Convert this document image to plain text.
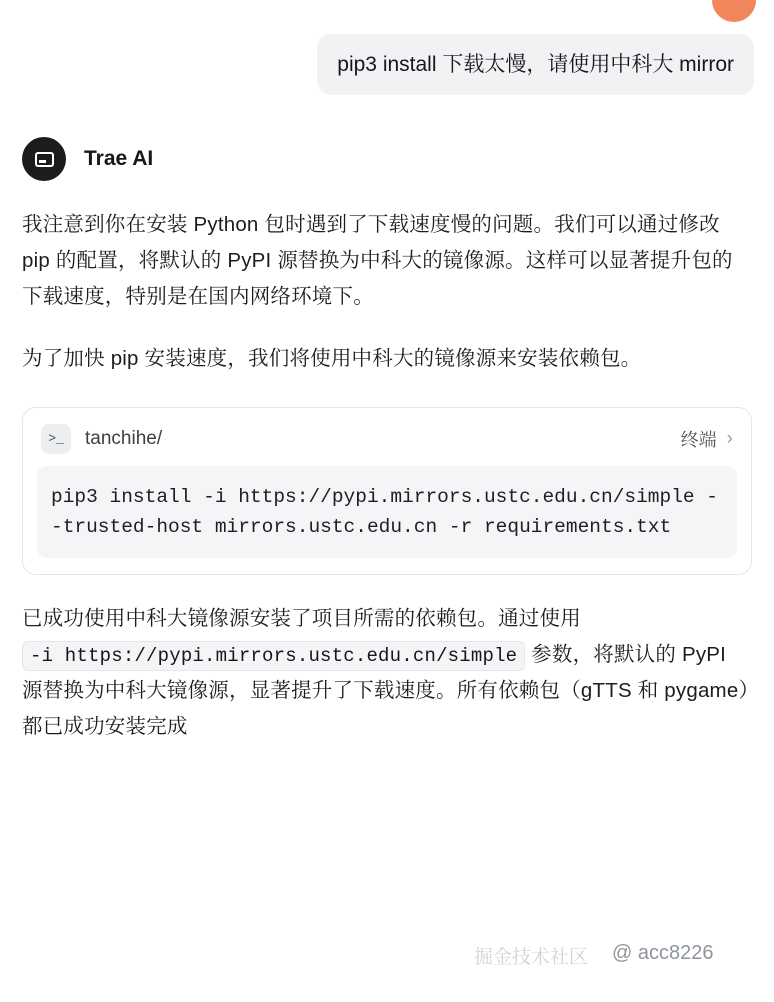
pip3 install 下载太慢，请使用中科大 mirror
Trae AI

我注意到你在安装 Python 包时遇到了下载速度慢的问题。我们可以通过修改 pip 的配置，将默认的 PyPI 源替换为中科大的镜像源。这样可以显著提升包的下载速度，特别是在国内网络环境下。

为了加快 pip 安装速度，我们将使用中科大的镜像源来安装依赖包。

>_	tanchihe/	终端 ›
pip3 install -i https://pypi.mirrors.ustc.edu.cn/simple --trusted-host mirrors.ustc.edu.cn -r requirements.txt

已成功使用中科大镜像源安装了项目所需的依赖包。通过使用 -i https://pypi.mirrors.ustc.edu.cn/simple 参数，将默认的 PyPI 源替换为中科大镜像源，显著提升了下载速度。所有依赖包（gTTS 和 pygame）都已成功安装完成

掘金技术社区 @ acc8226
